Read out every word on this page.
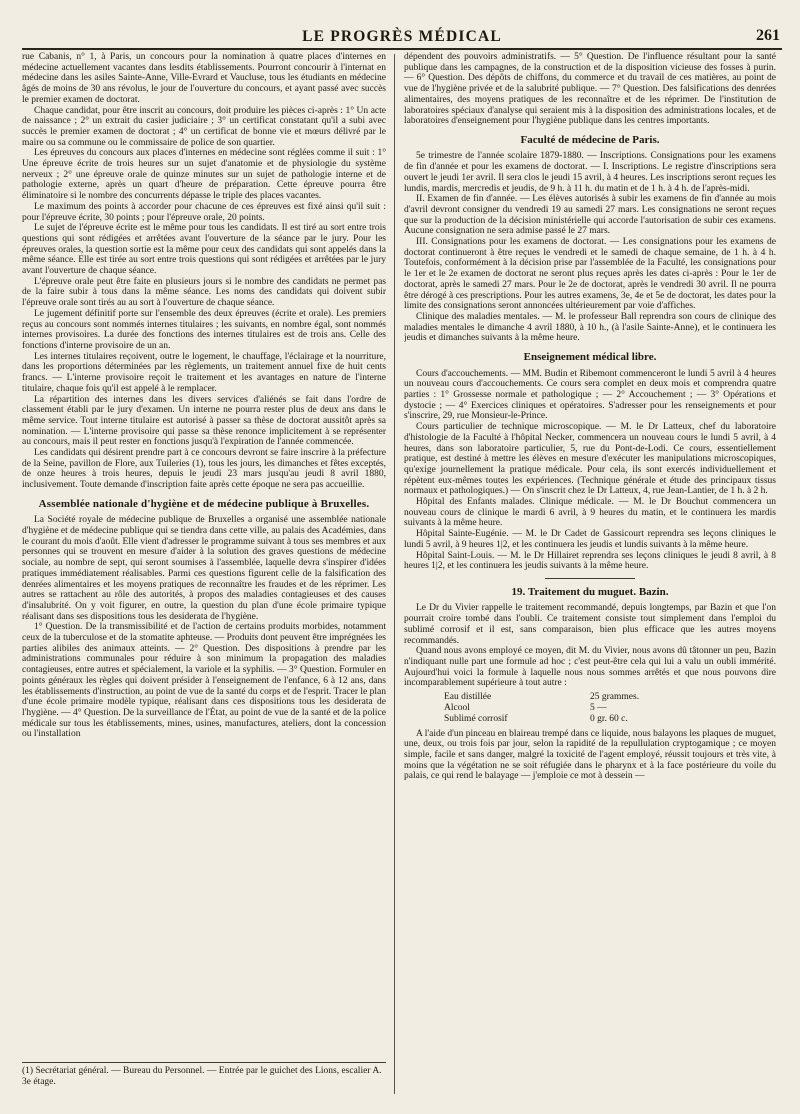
LE PROGRÈS MÉDICAL	261

rue Cabanis, n° 1, à Paris, un concours pour la nomination à quatre places d'internes en médecine actuellement vacantes dans lesdits établissements. Pourront concourir à l'internat en médecine dans les asiles Sainte-Anne, Ville-Evrard et Vaucluse, tous les étudiants en médecine âgés de moins de 30 ans révolus, le jour de l'ouverture du concours, et ayant passé avec succès le premier examen de doctorat.

Chaque candidat, pour être inscrit au concours, doit produire les pièces ci-après : 1° Un acte de naissance ; 2° un extrait du casier judiciaire ; 3° un certificat constatant qu'il a subi avec succès le premier examen de doctorat ; 4° un certificat de bonne vie et mœurs délivré par le maire ou sa commune ou le commissaire de police de son quartier.

Les épreuves du concours aux places d'internes en médecine sont réglées comme il suit : 1° Une épreuve écrite de trois heures sur un sujet d'anatomie et de physiologie du système nerveux ; 2° une épreuve orale de quinze minutes sur un sujet de pathologie interne et de pathologie externe, après un quart d'heure de préparation. Cette épreuve pourra être éliminatoire si le nombre des concurrents dépasse le triple des places vacantes.

Le maximum des points à accorder pour chacune de ces épreuves est fixé ainsi qu'il suit : pour l'épreuve écrite, 30 points ; pour l'épreuve orale, 20 points.

Le sujet de l'épreuve écrite est le même pour tous les candidats. Il est tiré au sort entre trois questions qui sont rédigées et arrêtées avant l'ouverture de la séance par le jury. Pour les épreuves orales, la question sortie est la même pour ceux des candidats qui sont appelés dans la même séance. Elle est tirée au sort entre trois questions qui sont rédigées et arrêtées par le jury avant l'ouverture de chaque séance.

L'épreuve orale peut être faite en plusieurs jours si le nombre des candidats ne permet pas de la faire subir à tous dans la même séance. Les noms des candidats qui doivent subir l'épreuve orale sont tirés au au sort à l'ouverture de chaque séance.

Le jugement définitif porte sur l'ensemble des deux épreuves (écrite et orale). Les premiers reçus au concours sont nommés internes titulaires ; les suivants, en nombre égal, sont nommés internes provisoires. La durée des fonctions des internes titulaires est de trois ans. Celle des fonctions d'interne provisoire de un an.

Les internes titulaires reçoivent, outre le logement, le chauffage, l'éclairage et la nourriture, dans les proportions déterminées par les règlements, un traitement annuel fixe de huit cents francs. — L'interne provisoire reçoit le traitement et les avantages en nature de l'interne titulaire, chaque fois qu'il est appelé à le remplacer.

La répartition des internes dans les divers services d'aliénés se fait dans l'ordre de classement établi par le jury d'examen. Un interne ne pourra rester plus de deux ans dans le même service. Tout interne titulaire est autorisé à passer sa thèse de doctorat aussitôt après sa nomination. — L'interne provisoire qui passe sa thèse renonce implicitement à se représenter au concours, mais il peut rester en fonctions jusqu'à l'expiration de l'année commencée.

Les candidats qui désirent prendre part à ce concours devront se faire inscrire à la préfecture de la Seine, pavillon de Flore, aux Tuileries (1), tous les jours, les dimanches et fêtes exceptés, de onze heures à trois heures, depuis le jeudi 23 mars jusqu'au jeudi 8 avril 1880, inclusivement. Toute demande d'inscription faite après cette époque ne sera pas accueillie.

Assemblée nationale d'hygiène et de médecine publique à Bruxelles.

La Société royale de médecine publique de Bruxelles a organisé une assemblée nationale d'hygiène et de médecine publique qui se tiendra dans cette ville, au palais des Académies, dans le courant du mois d'août. Elle vient d'adresser le programme suivant à tous ses membres et aux personnes qui se trouvent en mesure d'aider à la solution des graves questions de médecine sociale, au nombre de sept, qui seront soumises à l'assemblée, laquelle devra s'inspirer d'idées pratiques immédiatement réalisables. Parmi ces questions figurent celle de la falsification des denrées alimentaires et les moyens pratiques de reconnaître les fraudes et de les réprimer. Les autres se rattachent au rôle des autorités, à propos des maladies contagieuses et des causes d'insalubrité. On y voit figurer, en outre, la question du plan d'une école primaire typique réalisant dans ses dispositions tous les desiderata de l'hygiène.

1° Question. De la transmissibilité et de l'action de certains produits morbides, notamment ceux de la tuberculose et de la stomatite aphteuse. — Produits dont peuvent être imprégnées les parties alibiles des animaux atteints. — 2° Question. Des dispositions à prendre par les administrations communales pour réduire à son minimum la propagation des maladies contagieuses, entre autres et spécialement, la variole et la syphilis. — 3° Question. Formuler en points généraux les règles qui doivent présider à l'enseignement de l'enfance, 6 à 12 ans, dans les établissements d'instruction, au point de vue de la santé du corps et de l'esprit. Tracer le plan d'une école primaire modèle typique, réalisant dans ces dispositions tous les desiderata de l'hygiène. — 4° Question. De la surveillance de l'État, au point de vue de la santé et de la police médicale sur tous les établissements, mines, usines, manufactures, ateliers, dont la concession ou l'installation

(1) Secrétariat général. — Bureau du Personnel. — Entrée par le guichet des Lions, escalier A. 3e étage.

dépendent des pouvoirs administratifs. — 5° Question. De l'influence résultant pour la santé publique dans les campagnes, de la construction et de la disposition vicieuse des fosses à purin. — 6° Question. Des dépôts de chiffons, du commerce et du travail de ces matières, au point de vue de l'hygiène privée et de la salubrité publique. — 7° Question. Des falsifications des denrées alimentaires, des moyens pratiques de les reconnaître et de les réprimer. De l'institution de laboratoires spéciaux d'analyse qui seraient mis à la disposition des administrations locales, et de laboratoires d'enseignement pour l'hygiène publique dans les centres importants.

Faculté de médecine de Paris.

5e trimestre de l'année scolaire 1879-1880. — Inscriptions. Consignations pour les examens de fin d'année et pour les examens de doctorat. — I. Inscriptions. Le registre d'inscriptions sera ouvert le jeudi 1er avril. Il sera clos le jeudi 15 avril, à 4 heures. Les inscriptions seront reçues les lundis, mardis, mercredis et jeudis, de 9 h. à 11 h. du matin et de 1 h. à 4 h. de l'après-midi.

II. Examen de fin d'année. — Les élèves autorisés à subir les examens de fin d'année au mois d'avril devront consigner du vendredi 19 au samedi 27 mars. Les consignations ne seront reçues que sur la production de la décision ministérielle qui accorde l'autorisation de subir ces examens. Aucune consignation ne sera admise passé le 27 mars.

III. Consignations pour les examens de doctorat. — Les consignations pour les examens de doctorat continueront à être reçues le vendredi et le samedi de chaque semaine, de 1 h. à 4 h. Toutefois, conformément à la décision prise par l'assemblée de la Faculté, les consignations pour le 1er et le 2e examen de doctorat ne seront plus reçues après les dates ci-après : Pour le 1er de doctorat, après le samedi 27 mars. Pour le 2e de doctorat, après le vendredi 30 avril. Il ne pourra être dérogé à ces prescriptions. Pour les autres examens, 3e, 4e et 5e de doctorat, les dates pour la limite des consignations seront annoncées ultérieurement par voie d'affiches.

Clinique des maladies mentales. — M. le professeur Ball reprendra son cours de clinique des maladies mentales le dimanche 4 avril 1880, à 10 h., (à l'asile Sainte-Anne), et le continuera les jeudis et dimanches suivants à la même heure.

Enseignement médical libre.

Cours d'accouchements. — MM. Budin et Ribemont commenceront le lundi 5 avril à 4 heures un nouveau cours d'accouchements. Ce cours sera complet en deux mois et comprendra quatre parties : 1° Grossesse normale et pathologique ; — 2° Accouchement ; — 3° Opérations et dystocie ; — 4° Exercices cliniques et opératoires. S'adresser pour les renseignements et pour s'inscrire, 29, rue Monsieur-le-Prince.

Cours particulier de technique microscopique. — M. le Dr Latteux, chef du laboratoire d'histologie de la Faculté à l'hôpital Necker, commencera un nouveau cours le lundi 5 avril, à 4 heures, dans son laboratoire particulier, 5, rue du Pont-de-Lodi. Ce cours, essentiellement pratique, est destiné à mettre les élèves en mesure d'exécuter les manipulations microscopiques, qu'exige journellement la pratique médicale. Pour cela, ils sont exercés individuellement et répètent eux-mêmes toutes les expériences. (Technique générale et étude des principaux tissus normaux et pathologiques.) — On s'inscrit chez le Dr Latteux, 4, rue Jean-Lantier, de 1 h. à 2 h.

Hôpital des Enfants malades. Clinique médicale. — M. le Dr Bouchut commencera un nouveau cours de clinique le mardi 6 avril, à 9 heures du matin, et le continuera les mardis suivants à la même heure.

Hôpital Sainte-Eugénie. — M. le Dr Cadet de Gassicourt reprendra ses leçons cliniques le lundi 5 avril, à 9 heures 1|2, et les continuera les jeudis et lundis suivants à la même heure.

Hôpital Saint-Louis. — M. le Dr Hillairet reprendra ses leçons cliniques le jeudi 8 avril, à 8 heures 1|2, et les continuera les jeudis suivants à la même heure.

19. Traitement du muguet. Bazin.

Le Dr du Vivier rappelle le traitement recommandé, depuis longtemps, par Bazin et que l'on pourrait croire tombé dans l'oubli. Ce traitement consiste tout simplement dans l'emploi du sublimé corrosif et il est, sans comparaison, bien plus efficace que les autres moyens recommandés.

Quand nous avons employé ce moyen, dit M. du Vivier, nous avons dû tâtonner un peu, Bazin n'indiquant nulle part une formule ad hoc ; c'est peut-être cela qui lui a valu un oubli immérité. Aujourd'hui voici la formule à laquelle nous nous sommes arrêtés et que nous pouvons dire incomparablement supérieure à tout autre :

Eau distillée	25 grammes.
Alcool	5 —
Sublimé corrosif	0 gr. 60 c.

A l'aide d'un pinceau en blaireau trempé dans ce liquide, nous balayons les plaques de muguet, une, deux, ou trois fois par jour, selon la rapidité de la repullulation cryptogamique ; ce moyen simple, facile et sans danger, malgré la toxicité de l'agent employé, réussit toujours et très vite, à moins que la végétation ne se soit réfugiée dans le pharynx et à la face postérieure du voile du palais, ce qui rend le balayage — j'emploie ce mot à dessein —
